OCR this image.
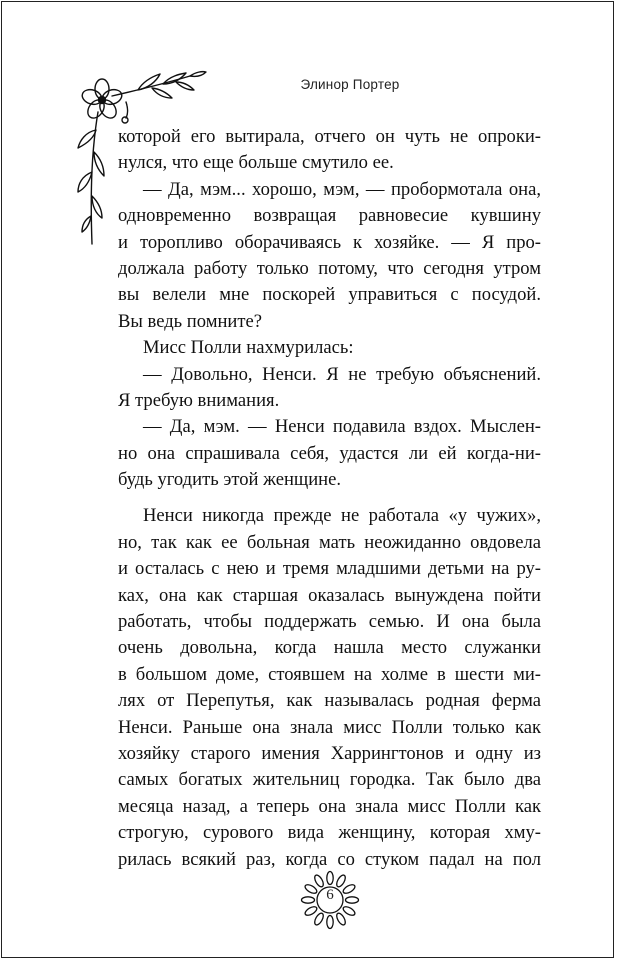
Элинор Портер
которой его вытирала, отчего он чуть не опроки-
нулся, что еще больше смутило ее.
— Да, мэм... хорошо, мэм, — пробормотала она,
одновременно возвращая равновесие кувшину
и торопливо оборачиваясь к хозяйке. — Я про-
должала работу только потому, что сегодня утром
вы велели мне поскорей управиться с посудой.
Вы ведь помните?
Мисс Полли нахмурилась:
— Довольно, Ненси. Я не требую объяснений.
Я требую внимания.
— Да, мэм. — Ненси подавила вздох. Мыслен-
но она спрашивала себя, удастся ли ей когда-ни-
будь угодить этой женщине.
Ненси никогда прежде не работала «у чужих»,
но, так как ее больная мать неожиданно овдовела
и осталась с нею и тремя младшими детьми на ру-
ках, она как старшая оказалась вынуждена пойти
работать, чтобы поддержать семью. И она была
очень довольна, когда нашла место служанки
в большом доме, стоявшем на холме в шести ми-
лях от Перепутья, как называлась родная ферма
Ненси. Раньше она знала мисс Полли только как
хозяйку старого имения Харрингтонов и одну из
самых богатых жительниц городка. Так было два
месяца назад, а теперь она знала мисс Полли как
строгую, сурового вида женщину, которая хму-
рилась всякий раз, когда со стуком падал на пол
6
